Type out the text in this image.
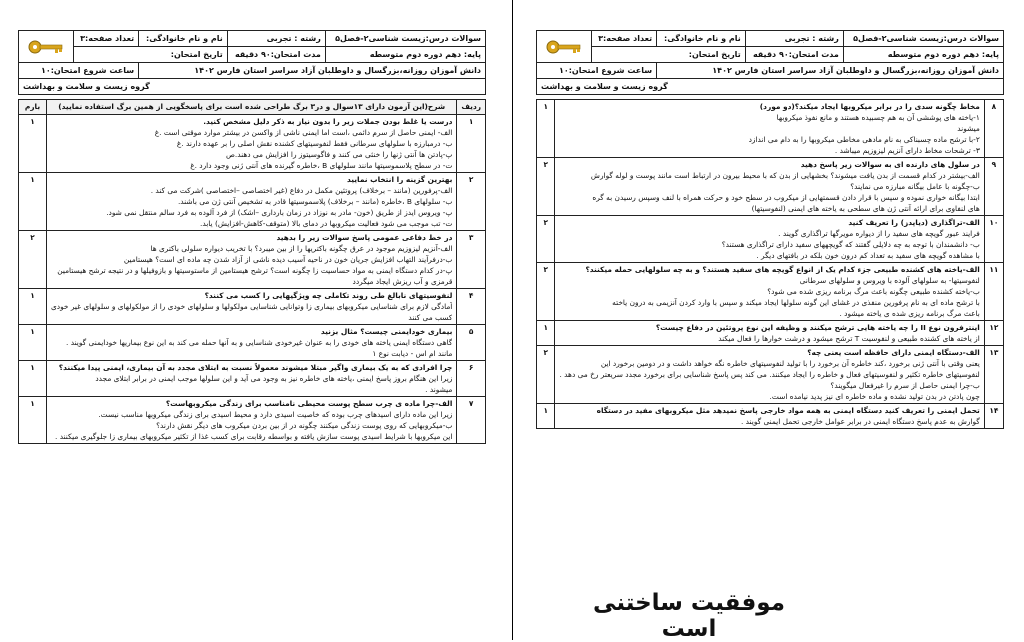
سوالات درس:زیست شناسی۲-فصل۵	رشته : تجربی	نام و نام خانوادگی:	تعداد صفحه:۳	
پایه: دهم دوره دوم متوسطه	مدت امتحان:۹۰ دقیقه	تاریخ امتحان:		
دانش آموزان روزانه،بزرگسال و داوطلبان آزاد سراسر استان فارس ۱۴۰۲			ساعت شروع امتحان:۱۰	
گروه زیست و سلامت و بهداشت				
ردیف	شرح(این آزمون دارای ۱۳سوال و در۳ برگ طراحی شده است برای پاسخگویی از همین برگ استفاده نمایید)	بارم
۱	درست یا غلط بودن جملات زیر را بدون نیاز به ذکر دلیل مشخص کنید.
الف- ایمنی حاصل از سرم دائمی ،است اما ایمنی ناشی از واکسن در بیشتر موارد موقتی است .غ
ب- درمبارزه با سلولهای سرطانی فقط لنفوسیتهای کشنده نقش اصلی را بر عهده دارند .غ
پ-پادتن ها آنتی ژنها را خنثی می کنند و فاگوسیتوز را افزایش می دهند.ص
ت- در سطح پلاسموسیتها مانند سلولهای B ،خاطره گیرنده های آنتی ژنی وجود دارد .غ	۱
۲	بهترین گزینه را انتخاب نمایید
الف-پرفورین (مانند – برخلاف) پروتئین مکمل در دفاع (غیر اختصاصی –اختصاصی )شرکت می کند .
ب- سلولهای B ،خاطره (مانند – برخلاف) پلاسموسیتها قادر به تشخیص آنتی ژن می باشند.
پ- ویروس ایدز از طریق (خون- مادر به نوزاد در زمان بارداری –اشک) از فرد آلوده به فرد سالم منتقل نمی شود.
ت- تب موجب می شود فعالیت میکروبها در دمای بالا (متوقف-کاهش-افزایش) یابد.	۱
۳	در خط دفاعی عمومی پاسخ سوالات زیر را بدهید
الف-آنزیم لیزوزیم موجود در عرق چگونه باکتریها را از بین میبرد؟ با تخریب دیواره سلولی باکتری ها
ب-درفرآیند التهاب افزایش جریان خون در ناحیه آسیب دیده ناشی از آزاد شدن چه ماده ای است؟ هیستامین
پ-در کدام دستگاه ایمنی به مواد حساسیت زا چگونه است؟ ترشح هیستامین از ماستوسیتها و بازوفیلها و در نتیجه ترشح هیستامین
قرمزی و آب ریزش ایجاد میگردد	۲
۴	لنفوسیتهای نابالغ طی روند تکاملی چه ویژگیهایی را کسب می کنند؟
آمادگی لازم برای شناسایی میکروبهای بیماری زا وتوانایی شناسایی مولکولها و سلولهای خودی را از مولکولهای و سلولهای غیر خودی
کسب می کنند	۱
۵	بیماری خودایمنی چیست؟ مثال بزنید
گاهی دستگاه ایمنی یاخته های خودی را به عنوان غیرخودی شناسایی و به آنها حمله می کند به این نوع بیماریها خودایمنی گویند .
مانند ام اس - دیابت نوع ۱	۱
۶	چرا افرادی که به یک بیماری واگیر مبتلا میشوند معمولاً نسبت به ابتلای مجدد به آن بیماری، ایمنی پیدا میکنند؟
زیرا این هنگام بروز پاسخ ایمنی ،یاخته های خاطره نیز به وجود می آید و این سلولها موجب ایمنی در برابر ابتلای مجدد
میشوند .	۱
۷	الف-چرا ماده ی چرب سطح پوست محیطی نامناسب برای زندگی میکروبهاست؟
زیرا این ماده دارای اسیدهای چرب بوده که خاصیت اسیدی دارد و محیط اسیدی برای زندگی میکروبها مناسب نیست.
ب-میکروبهایی که روی پوست زندگی میکنند چگونه در از بین بردن میکروب های دیگر نقش دارند؟
این میکروبها با شرایط اسیدی پوست سازش یافته و بواسطه رقابت برای کسب غذا از تکثیر میکروبهای بیماری زا جلوگیری میکنند .	۱
سوالات درس:زیست شناسی۲-فصل۵	رشته : تجربی	نام و نام خانوادگی:	تعداد صفحه:۳	
پایه: دهم دوره دوم متوسطه	مدت امتحان:۹۰ دقیقه	تاریخ امتحان:		
دانش آموزان روزانه،بزرگسال و داوطلبان آزاد سراسر استان فارس ۱۴۰۲			ساعت شروع امتحان:۱۰	
گروه زیست و سلامت و بهداشت				
۸	مخاط چگونه سدی را در برابر میکروبها ایجاد میکند؟(دو مورد)
۱-یاخته های پوششی آن به هم چسبیده هستند و مانع نفوذ میکروبها
میشوند
۲-با ترشح ماده چسبناکی به نام مادهی مخاطی میکروبها را به دام می اندازد
۳- ترشحات مخاط دارای آنزیم لیزوزیم میباشد .	۱
۹	در سلول های دارنده ای به سوالات زیر پاسخ دهید
الف-بیشتر در کدام قسمت از بدن یافت میشوند؟ بخشهایی از بدن که با محیط بیرون در ارتباط است مانند پوست و لوله گوارش
ب-چگونه با عامل بیگانه مبارزه می نمایند؟
ابتدا بیگانه خواری نموده و سپس با قرار دادن قسمتهایی از میکروب در سطح خود و حرکت همراه با لنف وسپس رسیدن به گره
های لنفاوی برای ارائه آنتی ژن های سطحی به یاخته های ایمنی (لنفوسیتها)	۲
۱۰	الف-تراگذاری (دیاپدز) را تعریف کنید
فرایند عبور گویچه های سفید را از دیواره مویرگها تراگذاری گویند .
ب- دانشمندان با توجه به چه دلایلی گفتند که گویچههای سفید دارای تراگذاری هستند؟
با مشاهده گویچه های سفید به تعداد کم درون خون بلکه در بافتهای دیگر .	۲
۱۱	الف-یاخته های کشنده طبیعی جزء کدام یک از انواع گویچه های سفید هستند؟ و به چه سلولهایی حمله میکنند؟
لنفوسیتها- به سلولهای آلوده با ویروس و سلولهای سرطانی
ب-یاخته کشنده طبیعی چگونه باعث مرگ برنامه ریزی شده می شود؟
با ترشح ماده ای به نام پرفورین منفذی در غشای این گونه سلولها ایجاد میکند و سپس با وارد کردن آنزیمی به درون یاخته
باعث مرگ برنامه ریزی شده ی یاخته میشود .	۲
۱۲	اینترفرون نوع II را چه یاخته هایی ترشح میکنند و وظیفه این نوع پروتئین در دفاع چیست؟
از یاخته های کشنده طبیعی و لنفوسیت T ترشح میشود و درشت خوارها را فعال میکند	۱
۱۳	الف-دستگاه ایمنی دارای حافظه است یعنی چه؟
یعنی وقتی با آنتی ژنی برخورد ،کند خاطره آن برخورد را با تولید لنفوسیتهای خاطره نگه خواهد داشت و در دومین برخورد این
لنفوسیتهای خاطره تکثیر و لنفوسیتهای فعال و خاطره را ایجاد میکنند. می کند پس پاسخ شناسایی برای برخورد مجدد سریعتر رخ می دهد .
ب-چرا ایمنی حاصل از سرم را غیرفعال میگویند؟
چون پادتن در بدن تولید نشده و ماده خاطره ای نیز پدید نیامده است.	۲
۱۴	تحمل ایمنی را تعریف کنید دستگاه ایمنی به همه مواد خارجی پاسخ نمیدهد مثل میکروبهای مفید در دستگاه
گوارش به عدم پاسخ دستگاه ایمنی در برابر عوامل خارجی تحمل ایمنی گویند .	۱
موفقیت ساختنی است
